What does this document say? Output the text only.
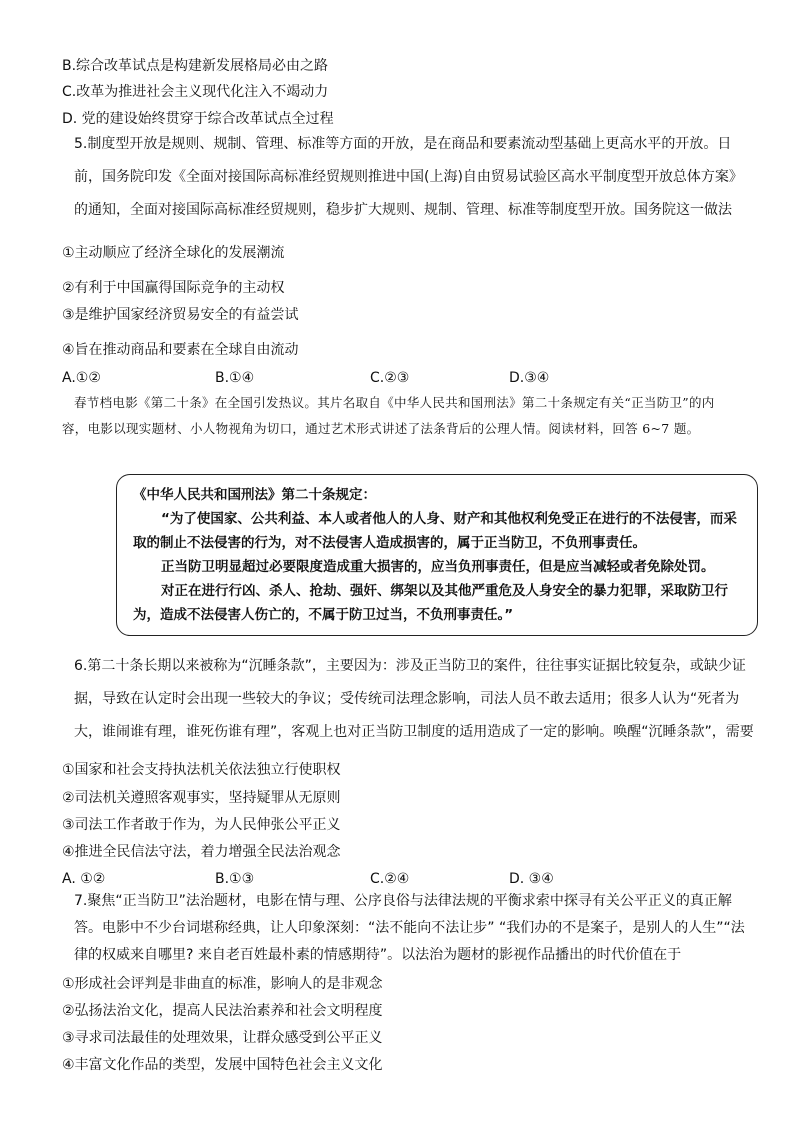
B.综合改革试点是构建新发展格局必由之路
C.改革为推进社会主义现代化注入不竭动力
D. 党的建设始终贯穿于综合改革试点全过程
5.制度型开放是规则、规制、管理、标准等方面的开放，是在商品和要素流动型基础上更高水平的开放。日前，国务院印发《全面对接国际高标准经贸规则推进中国(上海)自由贸易试验区高水平制度型开放总体方案》的通知，全面对接国际高标准经贸规则，稳步扩大规则、规制、管理、标准等制度型开放。国务院这一做法
①主动顺应了经济全球化的发展潮流
②有利于中国赢得国际竞争的主动权
③是维护国家经济贸易安全的有益尝试
④旨在推动商品和要素在全球自由流动
A.①②	B.①④	C.②③	D.③④
春节档电影《第二十条》在全国引发热议。其片名取自《中华人民共和国刑法》第二十条规定有关“正当防卫”的内容，电影以现实题材、小人物视角为切口，通过艺术形式讲述了法条背后的公理人情。阅读材料，回答 6~7 题。

《中华人民共和国刑法》第二十条规定：

“为了使国家、公共利益、本人或者他人的人身、财产和其他权利免受正在进行的不法侵害，而采取的制止不法侵害的行为，对不法侵害人造成损害的，属于正当防卫，不负刑事责任。

正当防卫明显超过必要限度造成重大损害的，应当负刑事责任，但是应当减轻或者免除处罚。

对正在进行行凶、杀人、抢劫、强奸、绑架以及其他严重危及人身安全的暴力犯罪，采取防卫行为，造成不法侵害人伤亡的，不属于防卫过当，不负刑事责任。”

6.第二十条长期以来被称为“沉睡条款”，主要因为：涉及正当防卫的案件，往往事实证据比较复杂，或缺少证据，导致在认定时会出现一些较大的争议；受传统司法理念影响，司法人员不敢去适用；很多人认为“死者为大，谁闹谁有理，谁死伤谁有理”，客观上也对正当防卫制度的适用造成了一定的影响。唤醒“沉睡条款”，需要
①国家和社会支持执法机关依法独立行使职权
②司法机关遵照客观事实，坚持疑罪从无原则
③司法工作者敢于作为，为人民伸张公平正义
④推进全民信法守法，着力增强全民法治观念
A. ①②	B.①③	C.②④	D. ③④
7.聚焦“正当防卫”法治题材，电影在情与理、公序良俗与法律法规的平衡求索中探寻有关公平正义的真正解答。电影中不少台词堪称经典，让人印象深刻：“法不能向不法让步” “我们办的不是案子，是别人的人生”“法律的权威来自哪里? 来自老百姓最朴素的情感期待”。以法治为题材的影视作品播出的时代价值在于
①形成社会评判是非曲直的标准，影响人的是非观念
②弘扬法治文化，提高人民法治素养和社会文明程度
③寻求司法最佳的处理效果，让群众感受到公平正义
④丰富文化作品的类型，发展中国特色社会主义文化
